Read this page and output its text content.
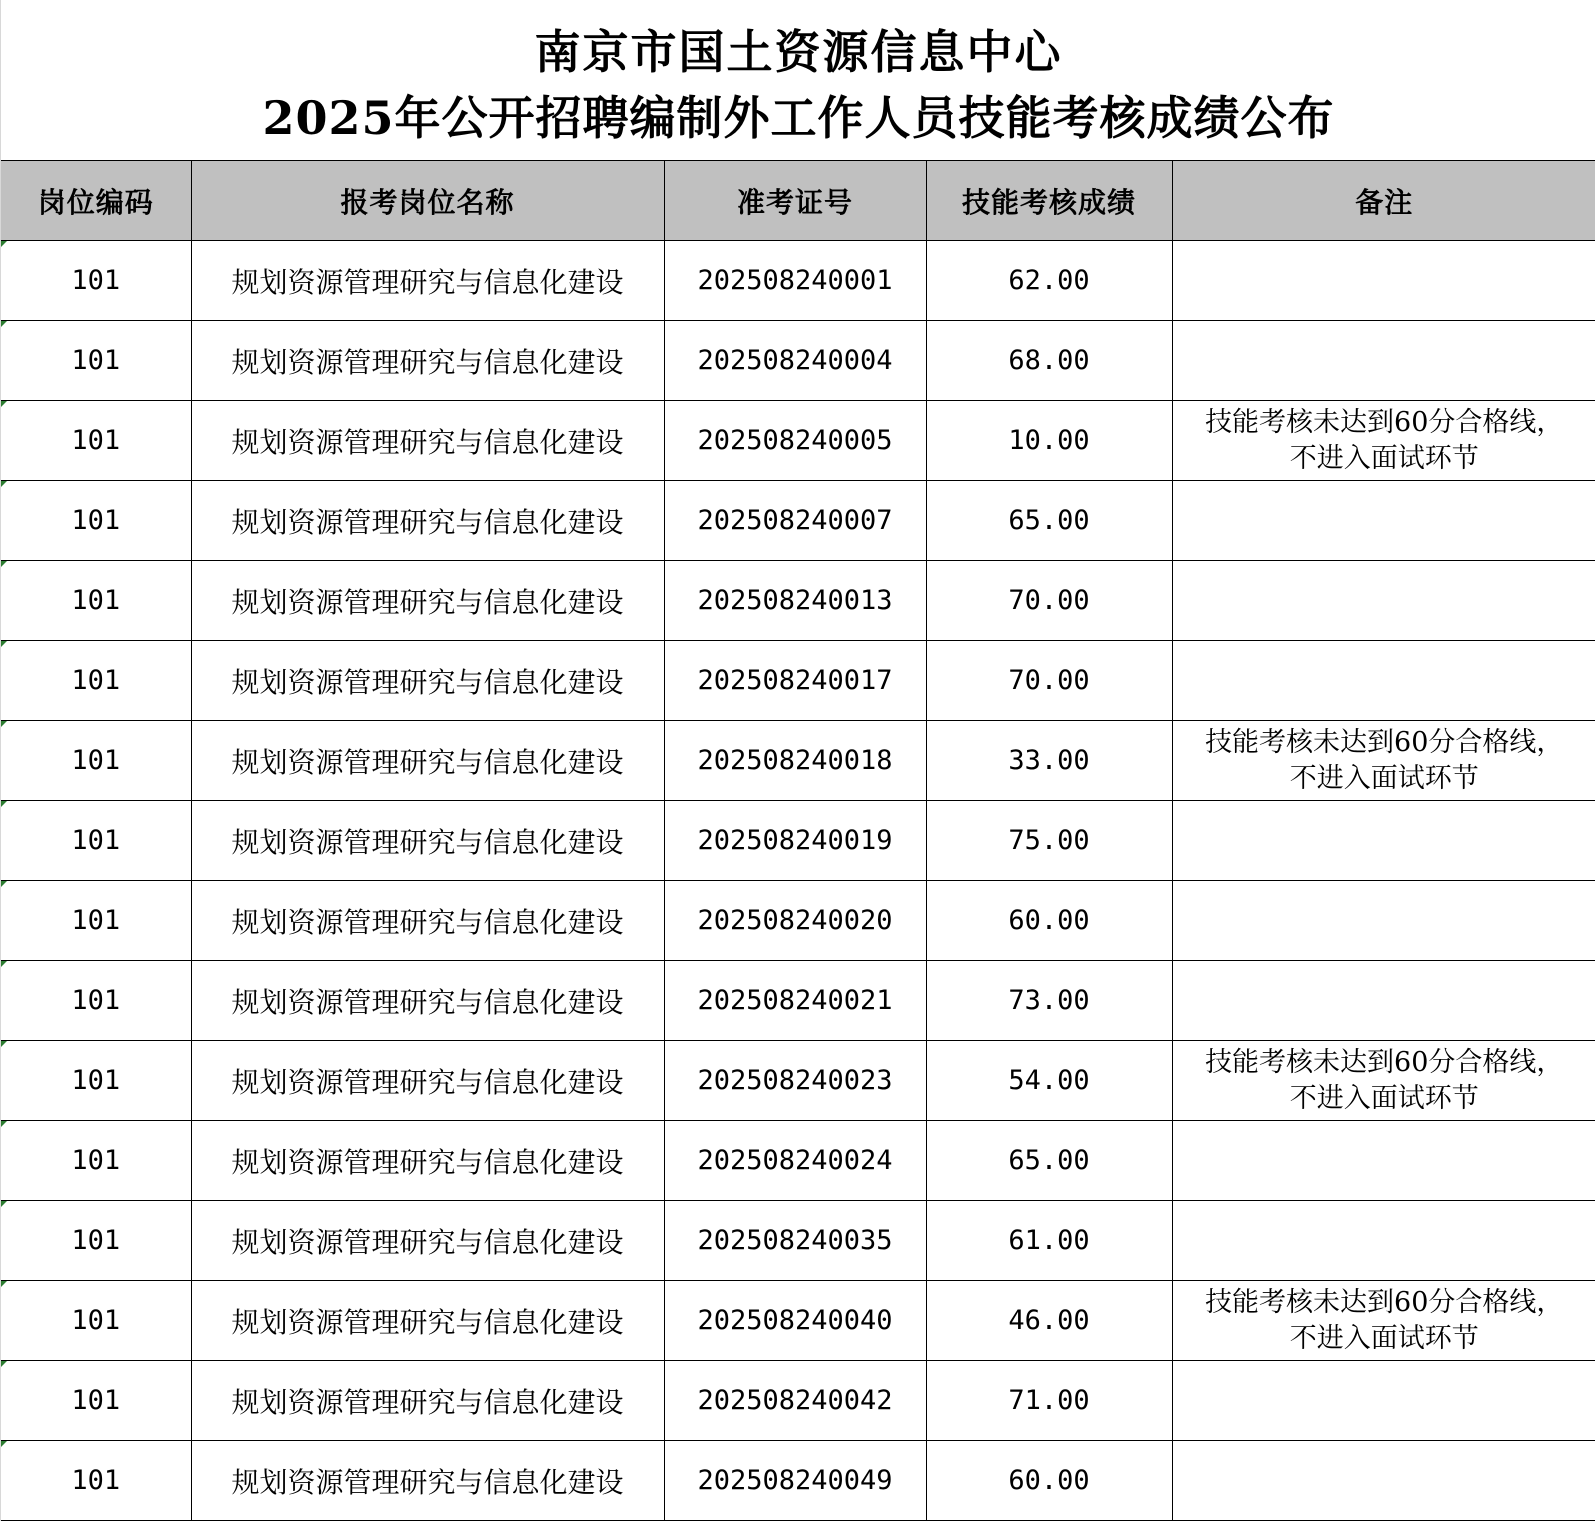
南京市国土资源信息中心
2025年公开招聘编制外工作人员技能考核成绩公布
岗位编码	报考岗位名称	准考证号	技能考核成绩	备注
101	规划资源管理研究与信息化建设	202508240001	62.00	

101	规划资源管理研究与信息化建设	202508240004	68.00	

101	规划资源管理研究与信息化建设	202508240005	10.00	技能考核未达到60分合格线，
不进入面试环节

101	规划资源管理研究与信息化建设	202508240007	65.00	

101	规划资源管理研究与信息化建设	202508240013	70.00	

101	规划资源管理研究与信息化建设	202508240017	70.00	

101	规划资源管理研究与信息化建设	202508240018	33.00	技能考核未达到60分合格线，
不进入面试环节

101	规划资源管理研究与信息化建设	202508240019	75.00	

101	规划资源管理研究与信息化建设	202508240020	60.00	

101	规划资源管理研究与信息化建设	202508240021	73.00	

101	规划资源管理研究与信息化建设	202508240023	54.00	技能考核未达到60分合格线，
不进入面试环节

101	规划资源管理研究与信息化建设	202508240024	65.00	

101	规划资源管理研究与信息化建设	202508240035	61.00	

101	规划资源管理研究与信息化建设	202508240040	46.00	技能考核未达到60分合格线，
不进入面试环节

101	规划资源管理研究与信息化建设	202508240042	71.00	

101	规划资源管理研究与信息化建设	202508240049	60.00	
